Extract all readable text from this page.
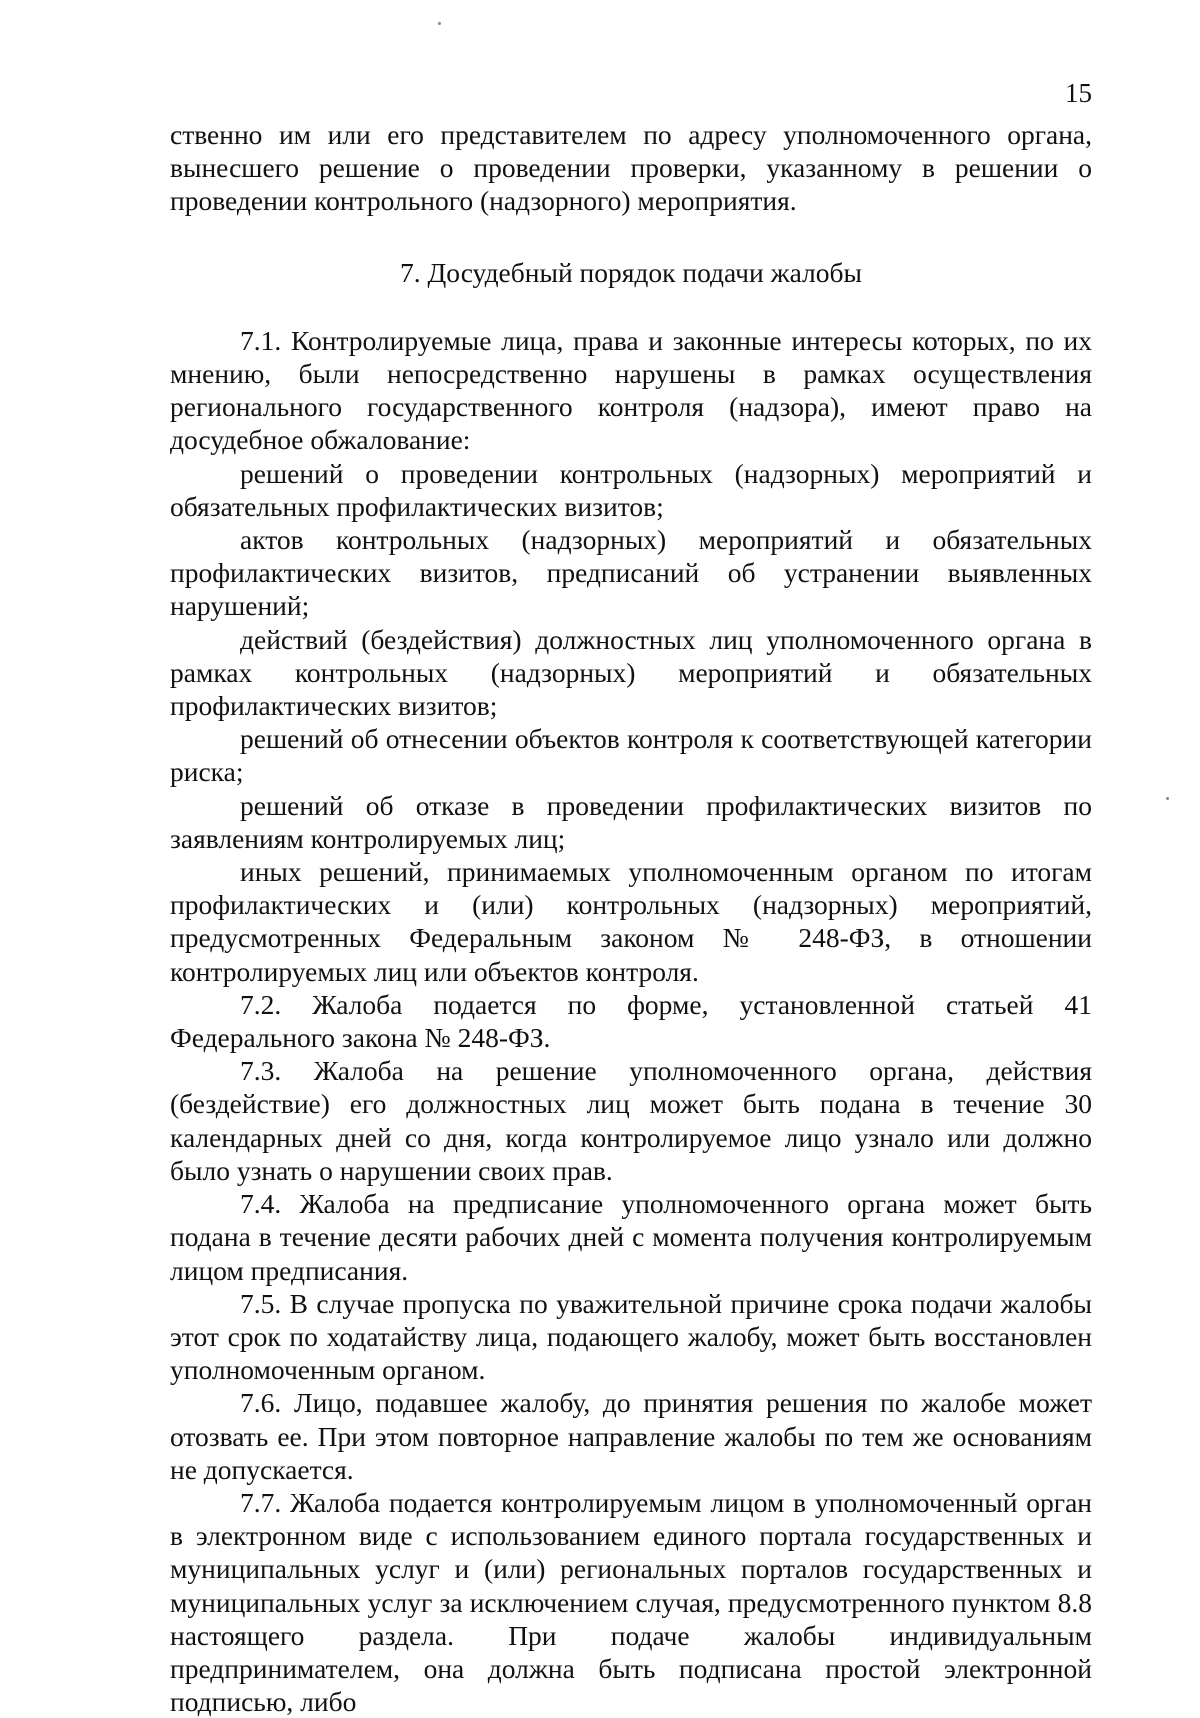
15

ственно им или его представителем по адресу уполномоченного органа, вынесшего решение о проведении проверки, указанному в решении о проведении контрольного (надзорного) мероприятия.

7. Досудебный порядок подачи жалобы

7.1. Контролируемые лица, права и законные интересы которых, по их мнению, были непосредственно нарушены в рамках осуществления регионального государственного контроля (надзора), имеют право на досудебное обжалование:

решений о проведении контрольных (надзорных) мероприятий и обязательных профилактических визитов;

актов контрольных (надзорных) мероприятий и обязательных профилактических визитов, предписаний об устранении выявленных нарушений;

действий (бездействия) должностных лиц уполномоченного органа в рамках контрольных (надзорных) мероприятий и обязательных профилактических визитов;

решений об отнесении объектов контроля к соответствующей категории риска;

решений об отказе в проведении профилактических визитов по заявлениям контролируемых лиц;

иных решений, принимаемых уполномоченным органом по итогам профилактических и (или) контрольных (надзорных) мероприятий, предусмотренных Федеральным законом № 248-ФЗ, в отношении контролируемых лиц или объектов контроля.

7.2. Жалоба подается по форме, установленной статьей 41 Федерального закона № 248-ФЗ.

7.3. Жалоба на решение уполномоченного органа, действия (бездействие) его должностных лиц может быть подана в течение 30 календарных дней со дня, когда контролируемое лицо узнало или должно было узнать о нарушении своих прав.

7.4. Жалоба на предписание уполномоченного органа может быть подана в течение десяти рабочих дней с момента получения контролируемым лицом предписания.

7.5. В случае пропуска по уважительной причине срока подачи жалобы этот срок по ходатайству лица, подающего жалобу, может быть восстановлен уполномоченным органом.

7.6. Лицо, подавшее жалобу, до принятия решения по жалобе может отозвать ее. При этом повторное направление жалобы по тем же основаниям не допускается.

7.7. Жалоба подается контролируемым лицом в уполномоченный орган в электронном виде с использованием единого портала государственных и муниципальных услуг и (или) региональных порталов государственных и муниципальных услуг за исключением случая, предусмотренного пунктом 8.8 настоящего раздела. При подаче жалобы индивидуальным предпринимателем, она должна быть подписана простой электронной подписью, либо
